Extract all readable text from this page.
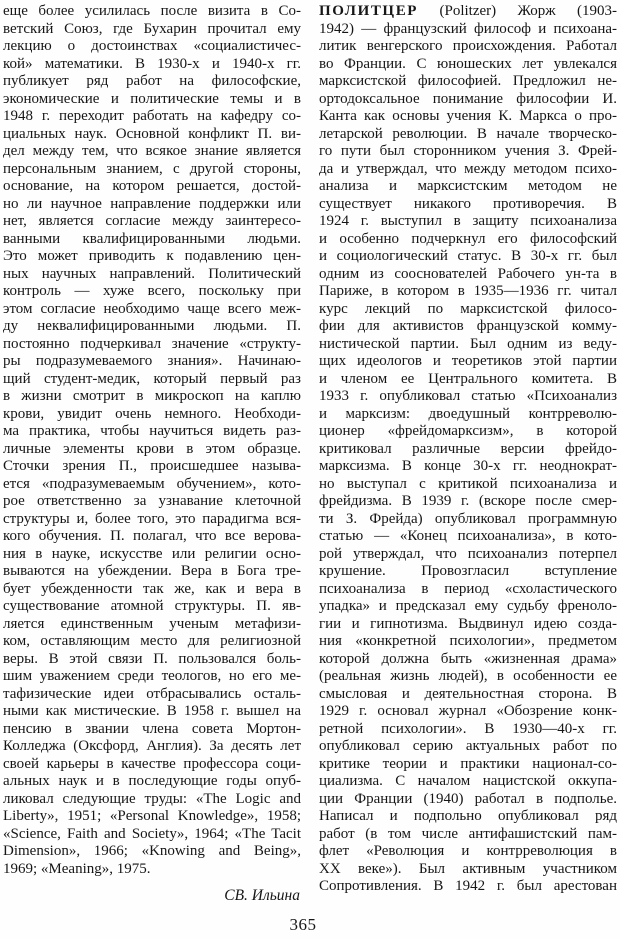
еще более усилилась после визита в Со-
ветский Союз, где Бухарин прочитал ему
лекцию о достоинствах «социалистичес-
кой» математики. В 1930-х и 1940-х гг.
публикует ряд работ на философские,
экономические и политические темы и в
1948 г. переходит работать на кафедру со-
циальных наук. Основной конфликт П. ви-
дел между тем, что всякое знание является
персональным знанием, с другой стороны,
основание, на котором решается, достой-
но ли научное направление поддержки или
нет, является согласие между заинтересо-
ванными квалифицированными людьми.
Это может приводить к подавлению цен-
ных научных направлений. Политический
контроль — хуже всего, поскольку при
этом согласие необходимо чаще всего меж-
ду неквалифицированными людьми. П.
постоянно подчеркивал значение «структу-
ры подразумеваемого знания». Начинаю-
щий студент-медик, который первый раз
в жизни смотрит в микроскоп на каплю
крови, увидит очень немного. Необходи-
ма практика, чтобы научиться видеть раз-
личные элементы крови в этом образце.
Сточки зрения П., происшедшее называ-
ется «подразумеваемым обучением», кото-
рое ответственно за узнавание клеточной
структуры и, более того, это парадигма вся-
кого обучения. П. полагал, что все верова-
ния в науке, искусстве или религии осно-
вываются на убеждении. Вера в Бога тре-
бует убежденности так же, как и вера в
существование атомной структуры. П. яв-
ляется единственным ученым метафизи-
ком, оставляющим место для религиозной
веры. В этой связи П. пользовался боль-
шим уважением среди теологов, но его ме-
тафизические идеи отбрасывались осталь-
ными как мистические. В 1958 г. вышел на
пенсию в звании члена совета Мортон-
Колледжа (Оксфорд, Англия). За десять лет
своей карьеры в качестве профессора соци-
альных наук и в последующие годы опуб-
ликовал следующие труды: «The Logic and
Liberty», 1951; «Personal Knowledge», 1958;
«Science, Faith and Society», 1964; «The Tacit
Dimension», 1966; «Knowing and Being»,
1969; «Meaning», 1975.
СВ. Ильина
ПОЛИТЦЕР (Politzer) Жорж (1903-
1942) — французский философ и психоана-
литик венгерского происхождения. Работал
во Франции. С юношеских лет увлекался
марксистской философией. Предложил не-
ортодоксальное понимание философии И.
Канта как основы учения К. Маркса о про-
летарской революции. В начале творческо-
го пути был сторонником учения З. Фрей-
да и утверждал, что между методом психо-
анализа и марксистским методом не
существует никакого противоречия. В
1924 г. выступил в защиту психоанализа
и особенно подчеркнул его философский
и социологический статус. В 30-х гг. был
одним из сооснователей Рабочего ун-та в
Париже, в котором в 1935—1936 гг. читал
курс лекций по марксистской филосо-
фии для активистов французской комму-
нистической партии. Был одним из веду-
щих идеологов и теоретиков этой партии
и членом ее Центрального комитета. В
1933 г. опубликовал статью «Психоанализ
и марксизм: двоедушный контрреволю-
ционер «фрейдомарксизм», в которой
критиковал различные версии фрейдо-
марксизма. В конце 30-х гг. неоднократ-
но выступал с критикой психоанализа и
фрейдизма. В 1939 г. (вскоре после смер-
ти З. Фрейда) опубликовал программную
статью — «Конец психоанализа», в кото-
рой утверждал, что психоанализ потерпел
крушение. Провозгласил вступление
психоанализа в период «схоластического
упадка» и предсказал ему судьбу френоло-
гии и гипнотизма. Выдвинул идею созда-
ния «конкретной психологии», предметом
которой должна быть «жизненная драма»
(реальная жизнь людей), в особенности ее
смысловая и деятельностная сторона. В
1929 г. основал журнал «Обозрение конк-
ретной психологии». В 1930—40-х гг.
опубликовал серию актуальных работ по
критике теории и практики национал-со-
циализма. С началом нацистской оккупа-
ции Франции (1940) работал в подполье.
Написал и подпольно опубликовал ряд
работ (в том числе антифашистский пам-
флет «Революция и контрреволюция в
XX веке»). Был активным участником
Сопротивления. В 1942 г. был арестован
365
